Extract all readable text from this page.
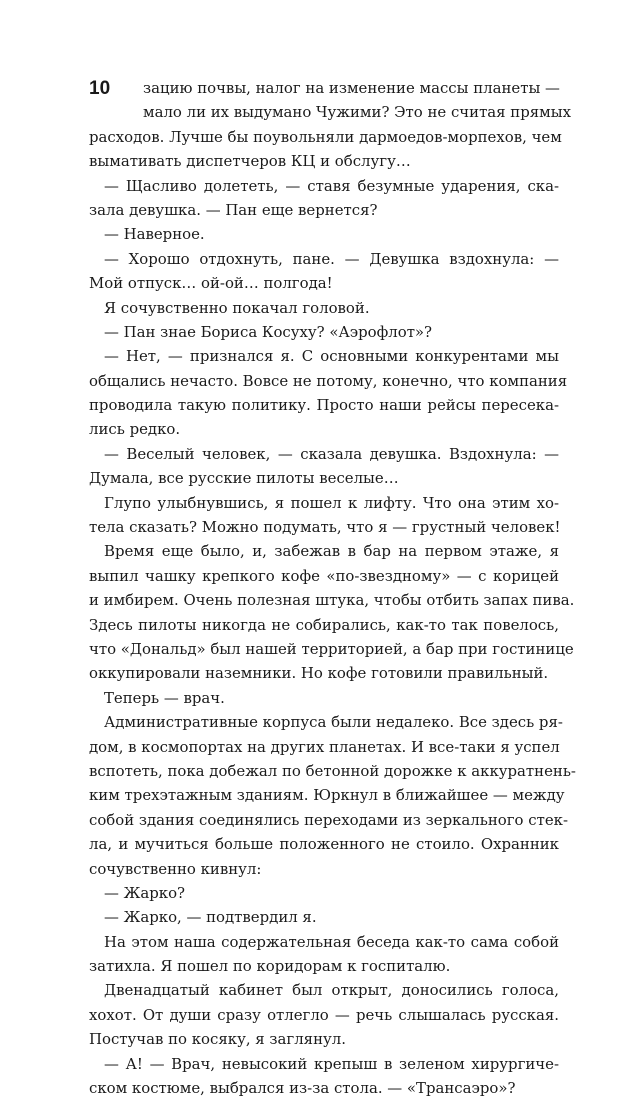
10	зацию почвы, налог на изменение массы планеты —
мало ли их выдумано Чужими? Это не считая прямых
расходов. Лучше бы поувольняли дармоедов-морпехов, чем
вымативать диспетчеров КЦ и обслугу…
— Щасливо долететь, — ставя безумные ударения, ска-
зала девушка. — Пан еще вернется?
— Наверное.
— Хорошо отдохнуть, пане. — Девушка вздохнула: —
Мой отпуск… ой-ой… полгода!
Я сочувственно покачал головой.
— Пан знае Бориса Косуху? «Аэрофлот»?
— Нет, — признался я. С основными конкурентами мы
общались нечасто. Вовсе не потому, конечно, что компания
проводила такую политику. Просто наши рейсы пересека-
лись редко.
— Веселый человек, — сказала девушка. Вздохнула: —
Думала, все русские пилоты веселые…
Глупо улыбнувшись, я пошел к лифту. Что она этим хо-
тела сказать? Можно подумать, что я — грустный человек!
Время еще было, и, забежав в бар на первом этаже, я
выпил чашку крепкого кофе «по-звездному» — с корицей
и имбирем. Очень полезная штука, чтобы отбить запах пива.
Здесь пилоты никогда не собирались, как-то так повелось,
что «Дональд» был нашей территорией, а бар при гостинице
оккупировали наземники. Но кофе готовили правильный.
Теперь — врач.
Административные корпуса были недалеко. Все здесь ря-
дом, в космопортах на других планетах. И все-таки я успел
вспотеть, пока добежал по бетонной дорожке к аккуратнень-
ким трехэтажным зданиям. Юркнул в ближайшее — между
собой здания соединялись переходами из зеркального стек-
ла, и мучиться больше положенного не стоило. Охранник
сочувственно кивнул:
— Жарко?
— Жарко, — подтвердил я.
На этом наша содержательная беседа как-то сама собой
затихла. Я пошел по коридорам к госпиталю.
Двенадцатый кабинет был открыт, доносились голоса,
хохот. От души сразу отлегло — речь слышалась русская.
Постучав по косяку, я заглянул.
— А! — Врач, невысокий крепыш в зеленом хирургиче-
ском костюме, выбрался из-за стола. — «Трансаэро»?
